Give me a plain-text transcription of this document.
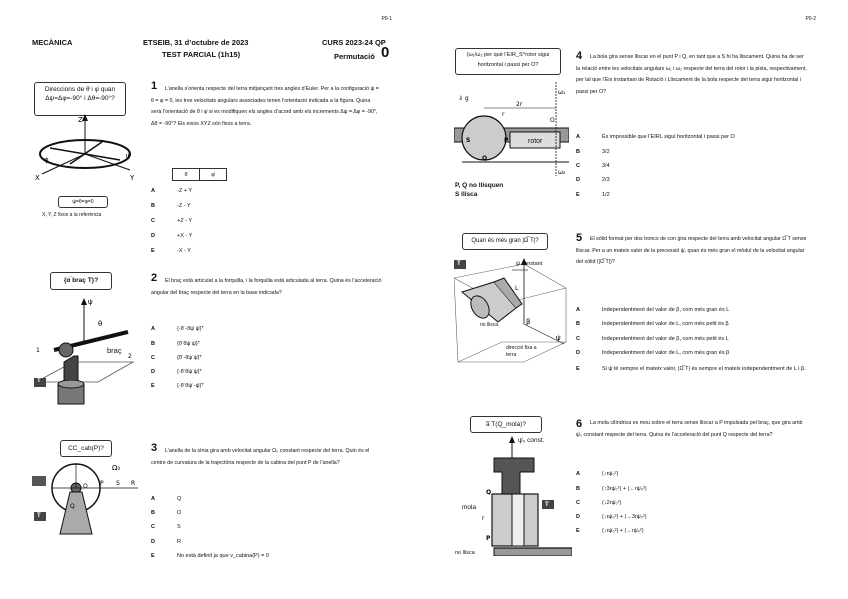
P0-1
MECÀNICA	ETSEIB, 31 d’octubre de 2023
TEST PARCIAL (1h15)
CURS 2023-24 QP
Permutació 0
Direccions de θ̇ i φ̇ quan Δψ=Δφ=-90° i Δθ=-90°?
Z
X	Y
φ̇	ψ̇
ψ=θ=φ=0
X, Y, Z fixos a la referència
1	L’anella s’orienta respecte del terra mitjançant tres angles d’Euler. Per a la configuració ψ = θ = φ = 0, les tres velocitats angulars associades tenen l’orientació indicada a la figura. Quina serà l’orientació de θ̇ i φ̇ si es modifiquen els angles d’acord amb els increments Δψ = Δφ = -90°, Δθ = -90°? Els eixos XYZ són fixos a terra.
θ̇	φ̇
A	-Z + Y
B	-Z - Y
C	+Z - Y
D	+X - Y
E	-X - Y
{α̅ braç T}?
ψ̇
θ
1
2
braç
T
2	El braç està articulat a la forquilla, i la forquilla està articulada al terra. Quina és l’acceleració angular del braç respecte del terra en la base indicada?
A	{-θ̈ -θ̇ψ̇ ψ̈}ᵀ
B	{θ̈ θ̇ψ̇ ψ̈}ᵀ
C	{θ̈ -θ̇ψ̇ ψ̈}ᵀ
D	{-θ̈ θ̇ψ̇ ψ̈}ᵀ
E	{-θ̈ θ̇ψ̇ -ψ̈}ᵀ
CC_cab(P)?
P S R
O
Q
Ω₀
cabina
T
3	L’anella de la sínia gira amb velocitat angular Ω₀ constant respecte del terra. Quin és el centre de curvatura de la trajectòria respecte de la cabina del punt P de l’anella?
A	Q
B	O
C	S
D	R
E	No està definit ja que v_cabina(P) = 0
P0-2
(ω₁/ω₂ per què l’EIR_S^rotor sigui horitzontal i passi per O?
2r
r
O
⇓ g
ω₁
ω₂
S	P
Q
rotor
P, Q no llisquen
S llisca
4	La bola gira sense lliscar en el punt P i Q, en tant que a S hi ha lliscament. Quina ha de ser la relació entre les velocitats angulars ω₁ i ω₂ respecte del terra del rotor i la pista, respectivament, per tal que l’Eix Instantani de Rotació i Lliscament de la bola respecte del terra sigui horitzontal i passi per O?
A	És impossible que l’EIRL sigui horitzontal i passi per O
B	3/2
C	3/4
D	2/3
E	1/2
Quan és més gran |Ω̅ T|?
L
β
ψ̇
ψ̇ constant
no llisca
direcció fixa a terra
T
5	El sòlid format per dos troncs de con gira respecte del terra amb velocitat angular Ω̅ T sense lliscar. Per a un mateix valor de la precessió ψ̇, quan és més gran el mòdul de la velocitat angular del sòlid (|Ω̅ T|)?
A	Independentment del valor de β, com més gran és L
B	Independentment del valor de L, com més petit és β
C	Independentment del valor de β, com més petit és L
D	Independentment del valor de L, com més gran és β
E	Si ψ̇ té sempre el mateix valor, |Ω̅ T| és sempre el mateix independentment de L i β.
a̅ T(Q_mola)?
Q
P
r
ψ̇₀ const.
mola
no llisca
T
6	La mola cilíndrica es mou sobre el terra sense lliscar a P impulsada pel braç, que gira amb ψ̇₀ constant respecte del terra. Quina és l’acceleració del punt Q respecte del terra?
A	(↓rψ̇₀²)
B	(↑3rψ̇₀²) + (←rψ̇₀²)
C	(↓2rψ̇₀²)
D	(↓rψ̇₀²) + (→3rψ̇₀²)
E	(↓rψ̇₀²) + (→rψ̇₀²)
